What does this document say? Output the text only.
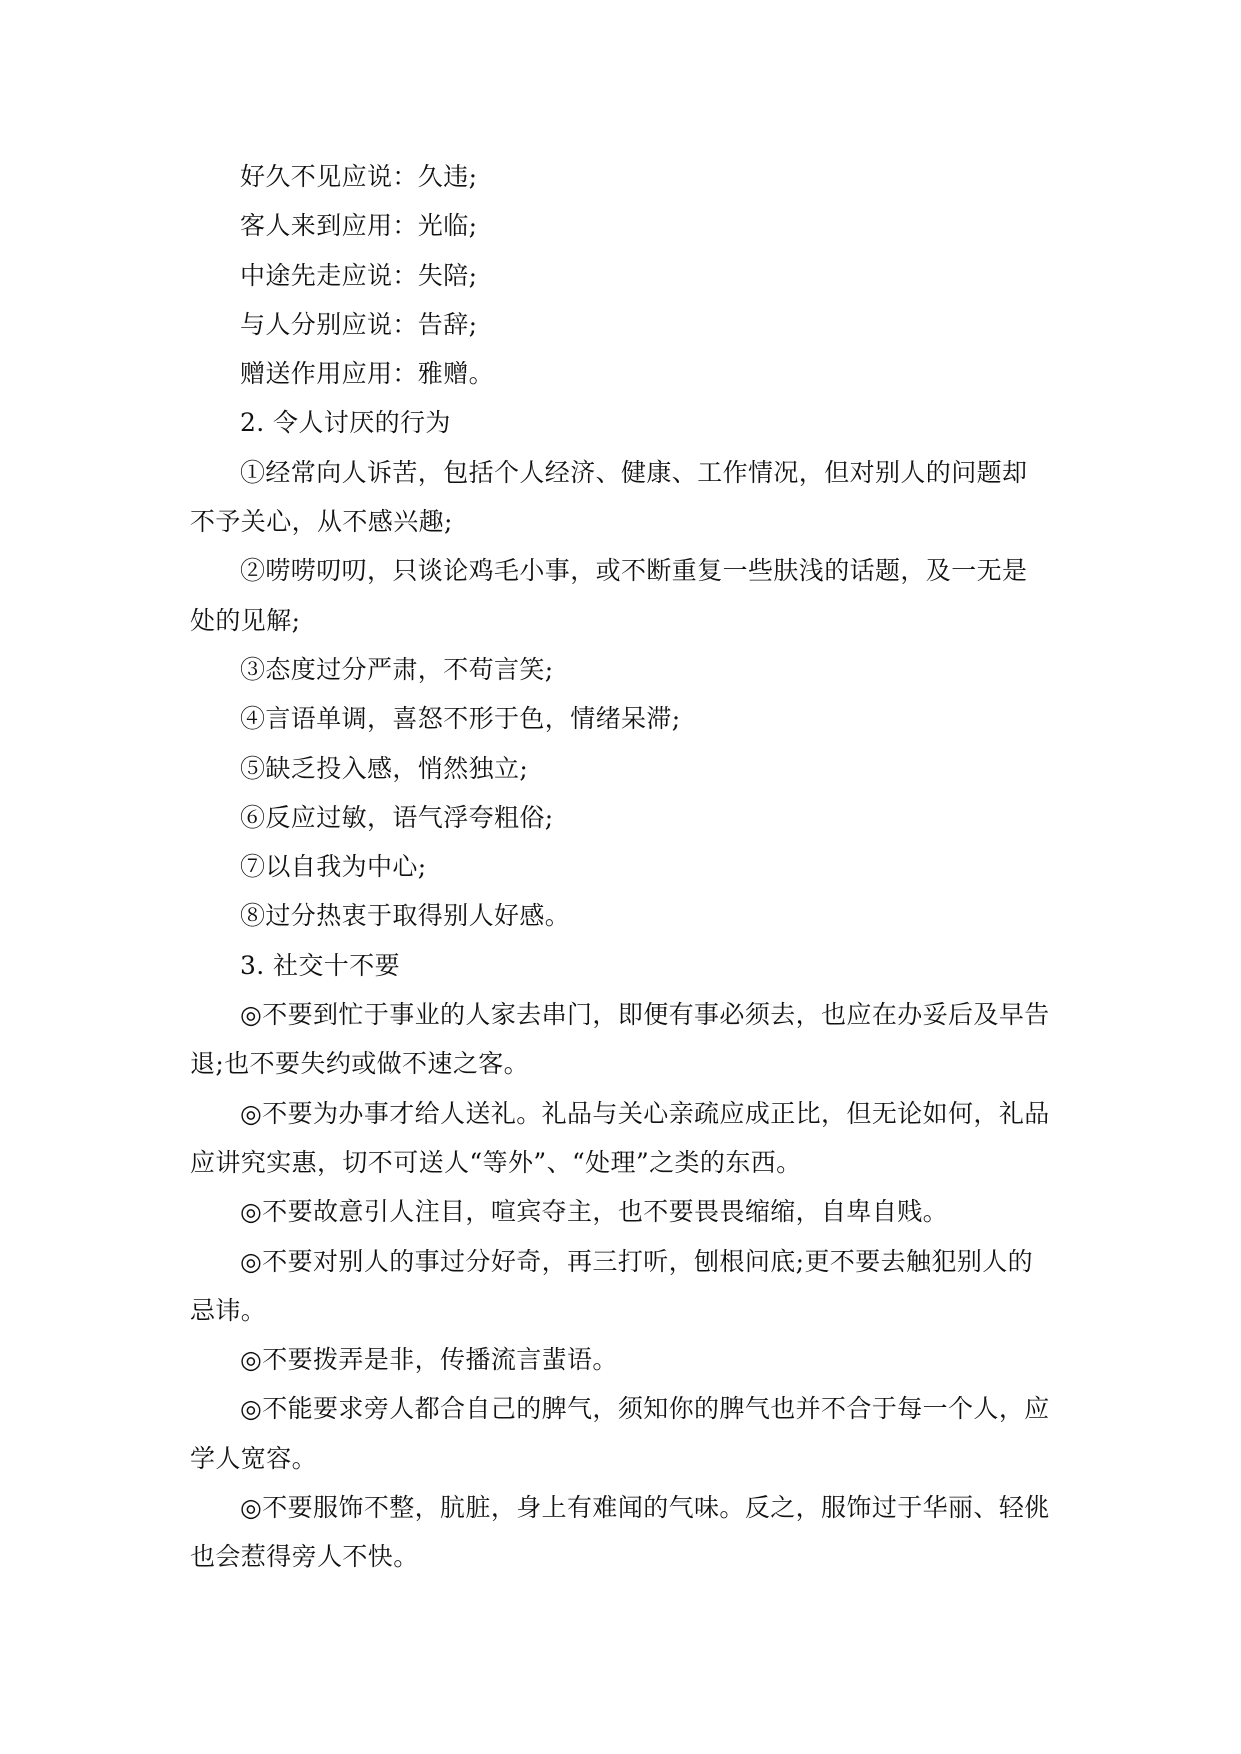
好久不见应说：久违;

客人来到应用：光临;

中途先走应说：失陪;

与人分别应说：告辞;

赠送作用应用：雅赠。

2. 令人讨厌的行为

①经常向人诉苦，包括个人经济、健康、工作情况，但对别人的问题却不予关心，从不感兴趣;

②唠唠叨叨，只谈论鸡毛小事，或不断重复一些肤浅的话题，及一无是处的见解;

③态度过分严肃，不苟言笑;

④言语单调，喜怒不形于色，情绪呆滞;

⑤缺乏投入感，悄然独立;

⑥反应过敏，语气浮夸粗俗;

⑦以自我为中心;

⑧过分热衷于取得别人好感。

3. 社交十不要

◎不要到忙于事业的人家去串门，即便有事必须去，也应在办妥后及早告退;也不要失约或做不速之客。

◎不要为办事才给人送礼。礼品与关心亲疏应成正比，但无论如何，礼品应讲究实惠，切不可送人“等外”、“处理”之类的东西。

◎不要故意引人注目，喧宾夺主，也不要畏畏缩缩，自卑自贱。

◎不要对别人的事过分好奇，再三打听，刨根问底;更不要去触犯别人的忌讳。

◎不要拨弄是非，传播流言蜚语。

◎不能要求旁人都合自己的脾气，须知你的脾气也并不合于每一个人，应学人宽容。

◎不要服饰不整，肮脏，身上有难闻的气味。反之，服饰过于华丽、轻佻也会惹得旁人不快。
